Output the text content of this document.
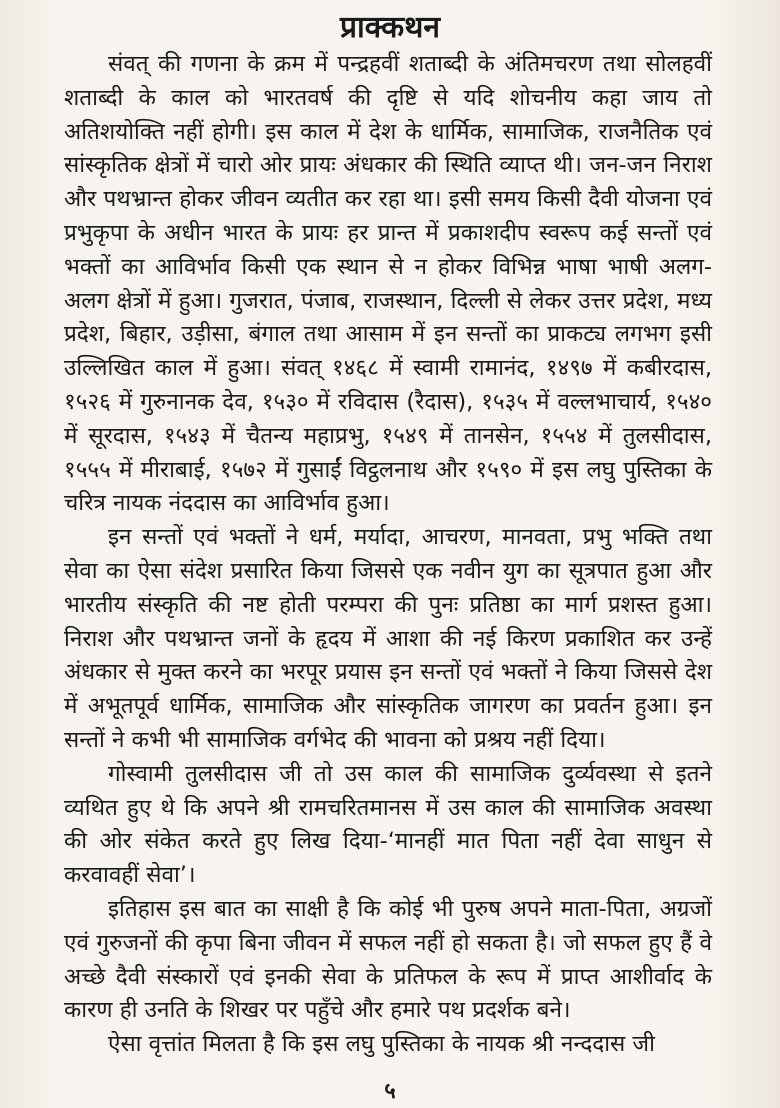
प्राक्कथन

संवत् की गणना के क्रम में पन्द्रहवीं शताब्दी के अंतिमचरण तथा सोलहवीं शताब्दी के काल को भारतवर्ष की दृष्टि से यदि शोचनीय कहा जाय तो अतिशयोक्ति नहीं होगी। इस काल में देश के धार्मिक, सामाजिक, राजनैतिक एवं सांस्कृतिक क्षेत्रों में चारो ओर प्रायः अंधकार की स्थिति व्याप्त थी। जन-जन निराश और पथभ्रान्त होकर जीवन व्यतीत कर रहा था। इसी समय किसी दैवी योजना एवं प्रभुकृपा के अधीन भारत के प्रायः हर प्रान्त में प्रकाशदीप स्वरूप कई सन्तों एवं भक्तों का आविर्भाव किसी एक स्थान से न होकर विभिन्न भाषा भाषी अलग-अलग क्षेत्रों में हुआ। गुजरात, पंजाब, राजस्थान, दिल्ली से लेकर उत्तर प्रदेश, मध्य प्रदेश, बिहार, उड़ीसा, बंगाल तथा आसाम में इन सन्तों का प्राकट्य लगभग इसी उल्लिखित काल में हुआ। संवत् १४६८ में स्वामी रामानंद, १४९७ में कबीरदास, १५२६ में गुरुनानक देव, १५३० में रविदास (रैदास), १५३५ में वल्लभाचार्य, १५४० में सूरदास, १५४३ में चैतन्य महाप्रभु, १५४९ में तानसेन, १५५४ में तुलसीदास, १५५५ में मीराबाई, १५७२ में गुसाईं विट्ठलनाथ और १५९० में इस लघु पुस्तिका के चरित्र नायक नंददास का आविर्भाव हुआ।

इन सन्तों एवं भक्तों ने धर्म, मर्यादा, आचरण, मानवता, प्रभु भक्ति तथा सेवा का ऐसा संदेश प्रसारित किया जिससे एक नवीन युग का सूत्रपात हुआ और भारतीय संस्कृति की नष्ट होती परम्परा की पुनः प्रतिष्ठा का मार्ग प्रशस्त हुआ। निराश और पथभ्रान्त जनों के हृदय में आशा की नई किरण प्रकाशित कर उन्हें अंधकार से मुक्त करने का भरपूर प्रयास इन सन्तों एवं भक्तों ने किया जिससे देश में अभूतपूर्व धार्मिक, सामाजिक और सांस्कृतिक जागरण का प्रवर्तन हुआ। इन सन्तों ने कभी भी सामाजिक वर्गभेद की भावना को प्रश्रय नहीं दिया।

गोस्वामी तुलसीदास जी तो उस काल की सामाजिक दुर्व्यवस्था से इतने व्यथित हुए थे कि अपने श्री रामचरितमानस में उस काल की सामाजिक अवस्था की ओर संकेत करते हुए लिख दिया-‘मानहीं मात पिता नहीं देवा साधुन से करवावहीं सेवा’।

इतिहास इस बात का साक्षी है कि कोई भी पुरुष अपने माता-पिता, अग्रजों एवं गुरुजनों की कृपा बिना जीवन में सफल नहीं हो सकता है। जो सफल हुए हैं वे अच्छे दैवी संस्कारों एवं इनकी सेवा के प्रतिफल के रूप में प्राप्त आशीर्वाद के कारण ही उनति के शिखर पर पहुँचे और हमारे पथ प्रदर्शक बने।

ऐसा वृत्तांत मिलता है कि इस लघु पुस्तिका के नायक श्री नन्ददास जी

५
